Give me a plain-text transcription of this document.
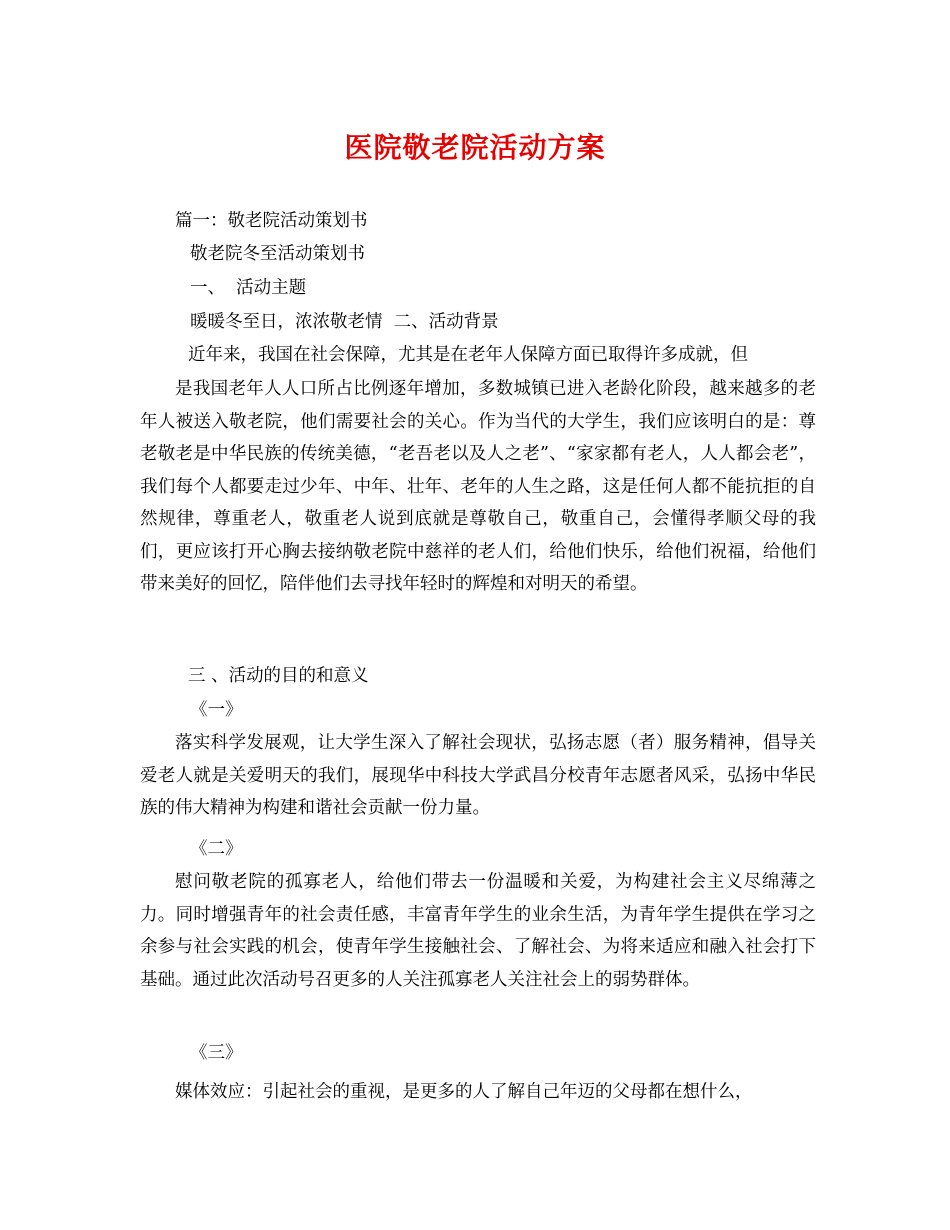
医院敬老院活动方案
篇一：敬老院活动策划书
敬老院冬至活动策划书
一、  活动主题
暖暖冬至日，浓浓敬老情  二、活动背景
近年来，我国在社会保障，尤其是在老年人保障方面已取得许多成就，但
是我国老年人人口所占比例逐年增加，多数城镇已进入老龄化阶段，越来越多的老年人被送入敬老院，他们需要社会的关心。作为当代的大学生，我们应该明白的是：尊老敬老是中华民族的传统美德，“老吾老以及人之老”、“家家都有老人，人人都会老”，我们每个人都要走过少年、中年、壮年、老年的人生之路，这是任何人都不能抗拒的自然规律，尊重老人，敬重老人说到底就是尊敬自己，敬重自己，会懂得孝顺父母的我们，更应该打开心胸去接纳敬老院中慈祥的老人们，给他们快乐，给他们祝福，给他们带来美好的回忆，陪伴他们去寻找年轻时的辉煌和对明天的希望。
三 、活动的目的和意义
《一》
落实科学发展观，让大学生深入了解社会现状，弘扬志愿（者）服务精神，倡导关爱老人就是关爱明天的我们，展现华中科技大学武昌分校青年志愿者风采，弘扬中华民族的伟大精神为构建和谐社会贡献一份力量。
《二》
慰问敬老院的孤寡老人，给他们带去一份温暖和关爱，为构建社会主义尽绵薄之力。同时增强青年的社会责任感，丰富青年学生的业余生活，为青年学生提供在学习之余参与社会实践的机会，使青年学生接触社会、了解社会、为将来适应和融入社会打下基础。通过此次活动号召更多的人关注孤寡老人关注社会上的弱势群体。
《三》
媒体效应：引起社会的重视，是更多的人了解自己年迈的父母都在想什么，
